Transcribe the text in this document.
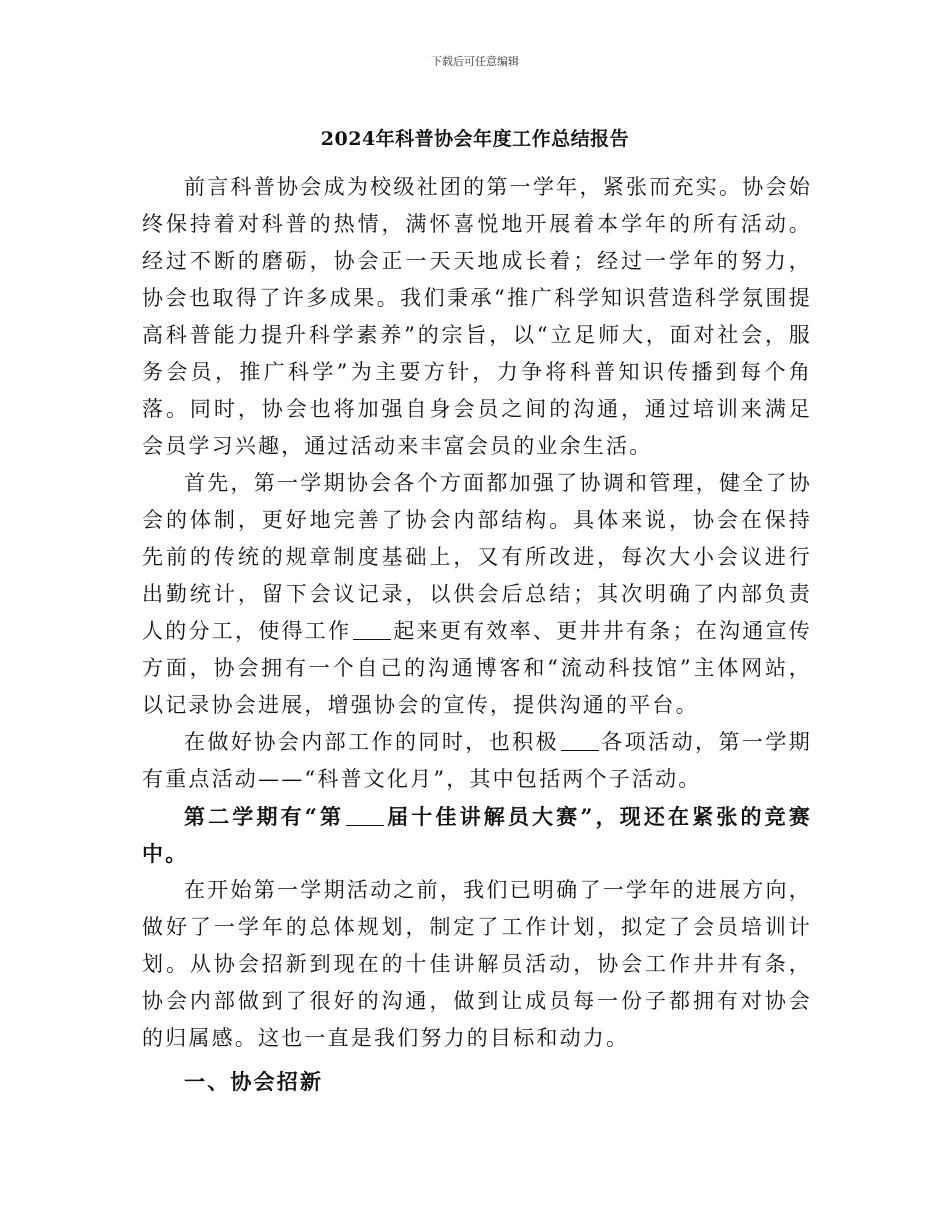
下载后可任意编辑
2024年科普协会年度工作总结报告

前言科普协会成为校级社团的第一学年，紧张而充实。协会始终保持着对科普的热情，满怀喜悦地开展着本学年的所有活动。经过不断的磨砺，协会正一天天地成长着；经过一学年的努力，协会也取得了许多成果。我们秉承“推广科学知识营造科学氛围提高科普能力提升科学素养”的宗旨，以“立足师大，面对社会，服务会员，推广科学”为主要方针，力争将科普知识传播到每个角落。同时，协会也将加强自身会员之间的沟通，通过培训来满足会员学习兴趣，通过活动来丰富会员的业余生活。

首先，第一学期协会各个方面都加强了协调和管理，健全了协会的体制，更好地完善了协会内部结构。具体来说，协会在保持先前的传统的规章制度基础上，又有所改进，每次大小会议进行出勤统计，留下会议记录，以供会后总结；其次明确了内部负责人的分工，使得工作 起来更有效率、更井井有条；在沟通宣传方面，协会拥有一个自己的沟通博客和“流动科技馆”主体网站，以记录协会进展，增强协会的宣传，提供沟通的平台。

在做好协会内部工作的同时，也积极 各项活动，第一学期有重点活动——“科普文化月”，其中包括两个子活动。

第二学期有“第 届十佳讲解员大赛”，现还在紧张的竞赛中。

在开始第一学期活动之前，我们已明确了一学年的进展方向，做好了一学年的总体规划，制定了工作计划，拟定了会员培训计划。从协会招新到现在的十佳讲解员活动，协会工作井井有条，协会内部做到了很好的沟通，做到让成员每一份子都拥有对协会的归属感。这也一直是我们努力的目标和动力。

一、协会招新
